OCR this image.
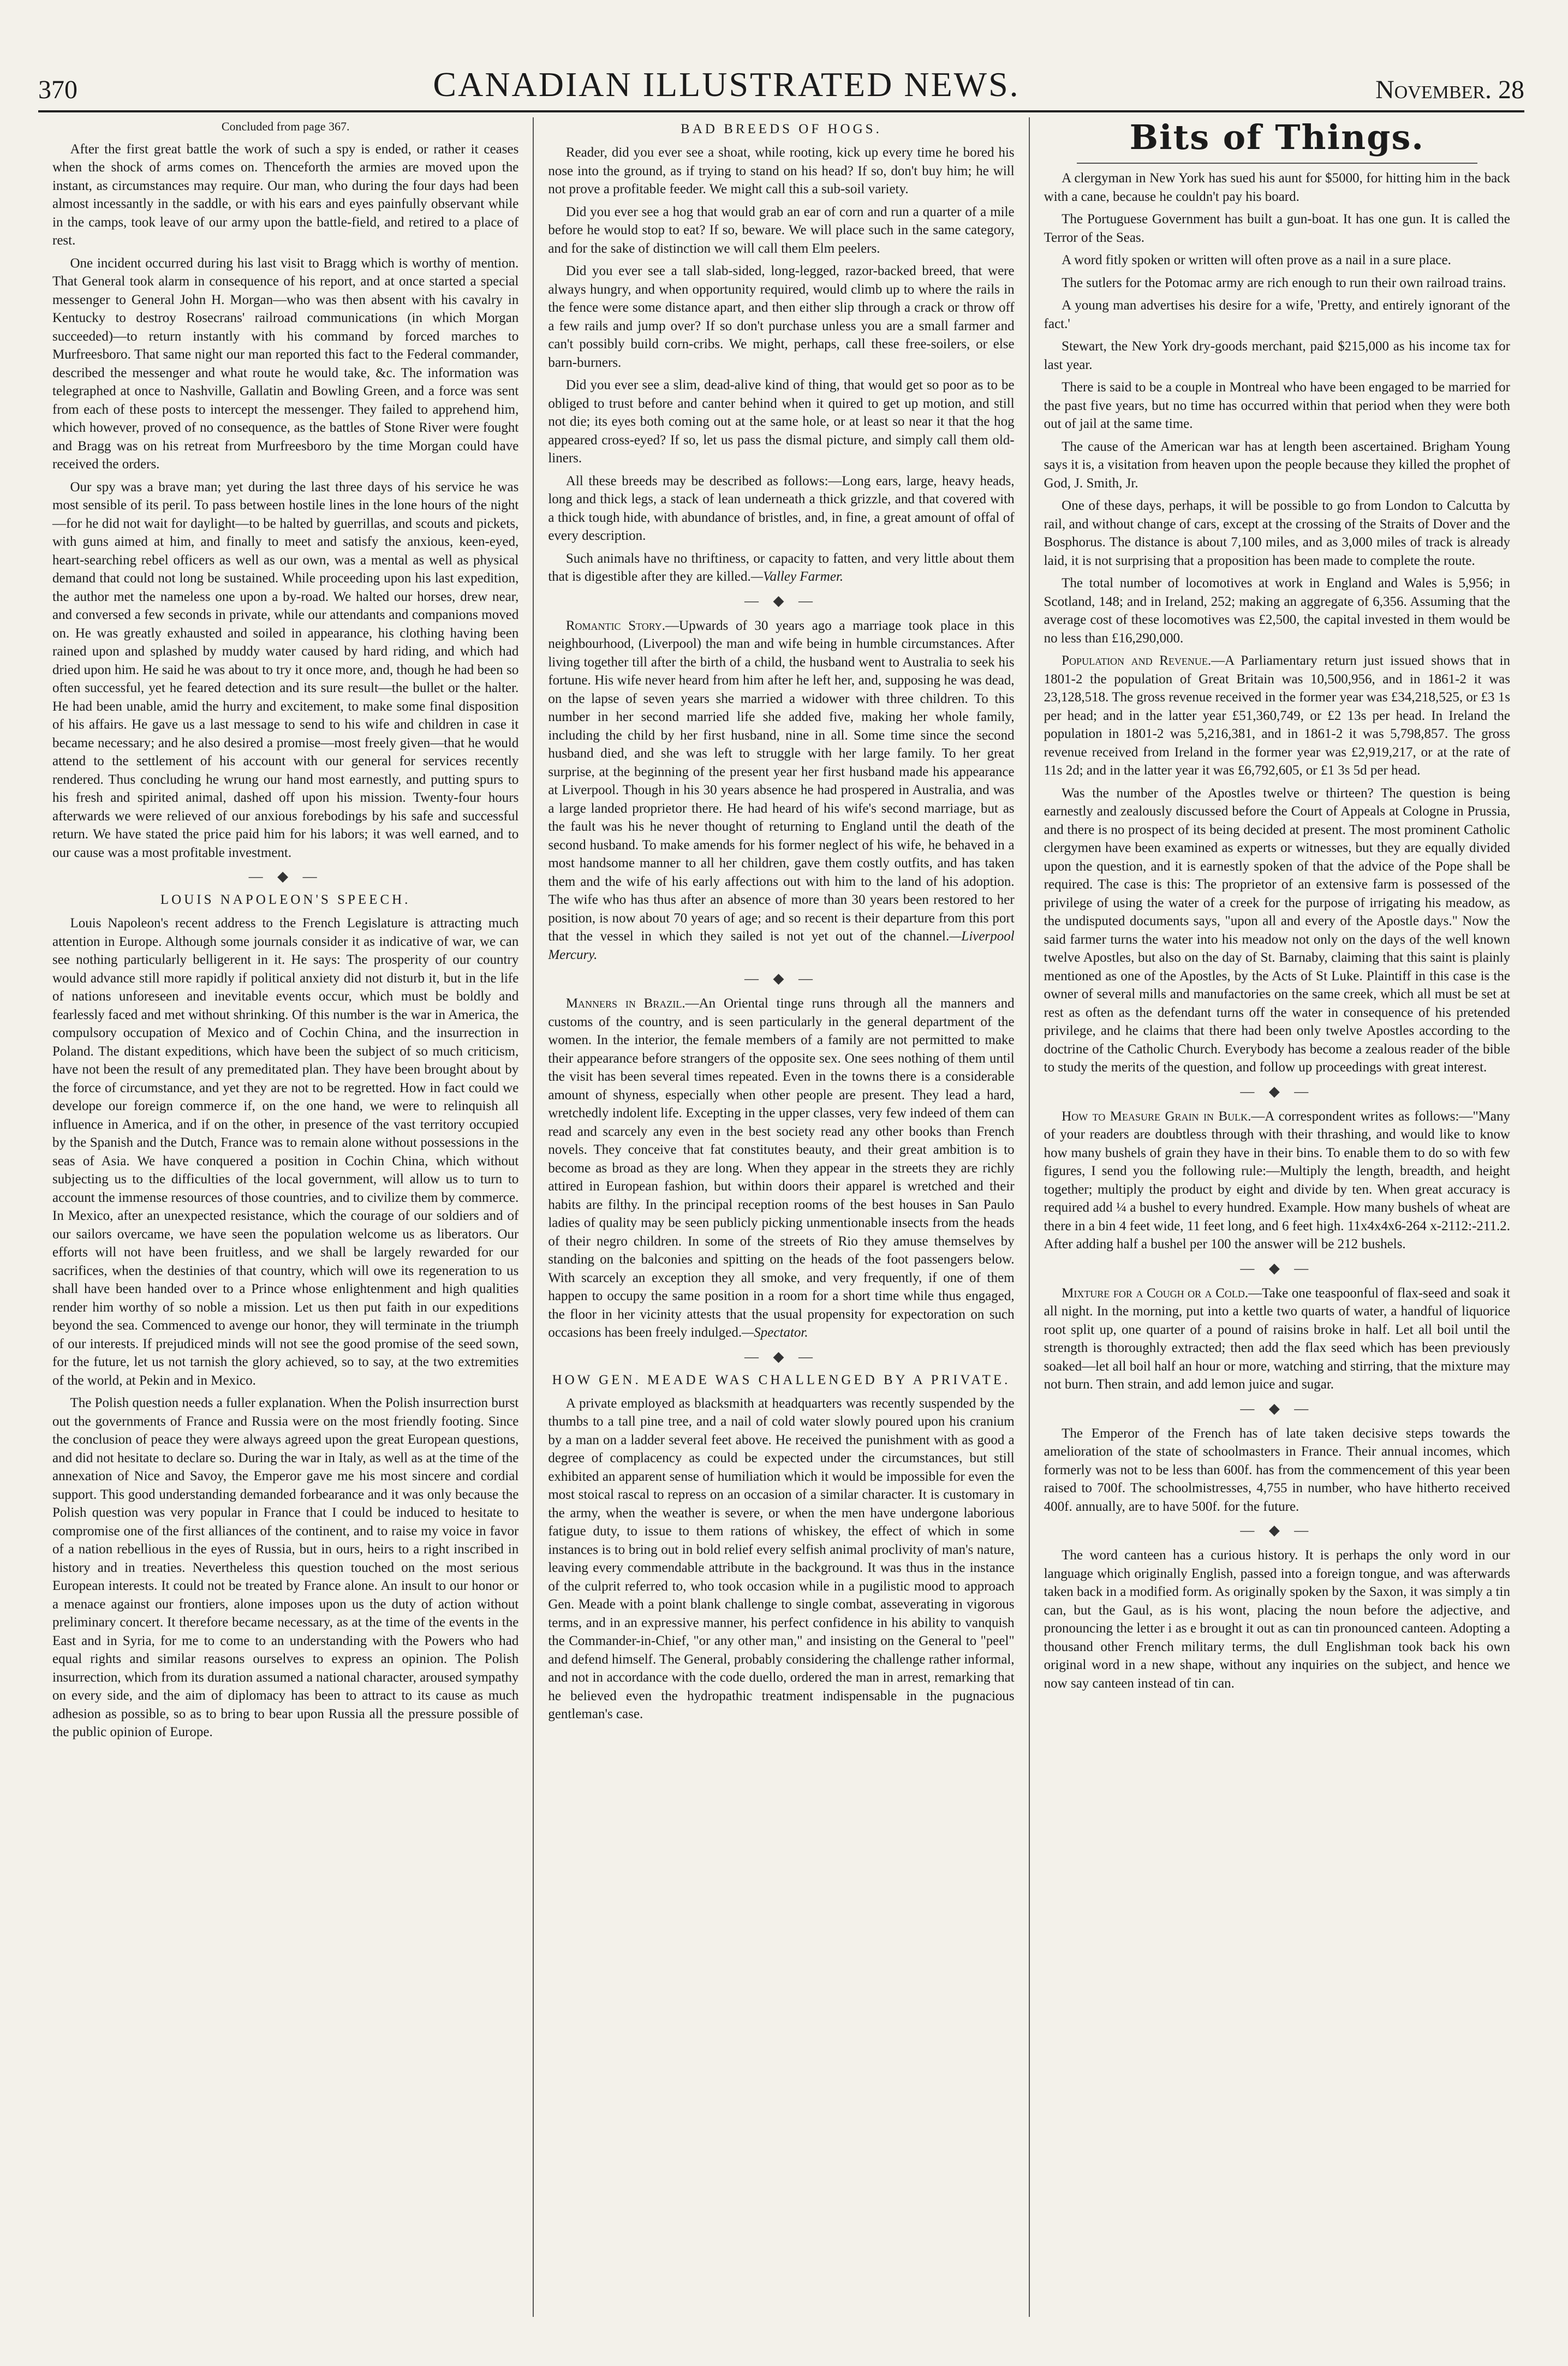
370	CANADIAN ILLUSTRATED NEWS.	November. 28

Concluded from page 367.

After the first great battle the work of such a spy is ended, or rather it ceases when the shock of arms comes on. Thenceforth the armies are moved upon the instant, as circumstances may require. Our man, who during the four days had been almost incessantly in the saddle, or with his ears and eyes painfully observant while in the camps, took leave of our army upon the battle-field, and retired to a place of rest.

One incident occurred during his last visit to Bragg which is worthy of mention. That General took alarm in consequence of his report, and at once started a special messenger to General John H. Morgan—who was then absent with his cavalry in Kentucky to destroy Rosecrans' railroad communications (in which Morgan succeeded)—to return instantly with his command by forced marches to Murfreesboro. That same night our man reported this fact to the Federal commander, described the messenger and what route he would take, &c. The information was telegraphed at once to Nashville, Gallatin and Bowling Green, and a force was sent from each of these posts to intercept the messenger. They failed to apprehend him, which however, proved of no consequence, as the battles of Stone River were fought and Bragg was on his retreat from Murfreesboro by the time Morgan could have received the orders.

Our spy was a brave man; yet during the last three days of his service he was most sensible of its peril. To pass between hostile lines in the lone hours of the night—for he did not wait for daylight—to be halted by guerrillas, and scouts and pickets, with guns aimed at him, and finally to meet and satisfy the anxious, keen-eyed, heart-searching rebel officers as well as our own, was a mental as well as physical demand that could not long be sustained. While proceeding upon his last expedition, the author met the nameless one upon a by-road. We halted our horses, drew near, and conversed a few seconds in private, while our attendants and companions moved on. He was greatly exhausted and soiled in appearance, his clothing having been rained upon and splashed by muddy water caused by hard riding, and which had dried upon him. He said he was about to try it once more, and, though he had been so often successful, yet he feared detection and its sure result—the bullet or the halter. He had been unable, amid the hurry and excitement, to make some final disposition of his affairs. He gave us a last message to send to his wife and children in case it became necessary; and he also desired a promise—most freely given—that he would attend to the settlement of his account with our general for services recently rendered. Thus concluding he wrung our hand most earnestly, and putting spurs to his fresh and spirited animal, dashed off upon his mission. Twenty-four hours afterwards we were relieved of our anxious forebodings by his safe and successful return. We have stated the price paid him for his labors; it was well earned, and to our cause was a most profitable investment.

— ◆ —
LOUIS NAPOLEON'S SPEECH.

Louis Napoleon's recent address to the French Legislature is attracting much attention in Europe. Although some journals consider it as indicative of war, we can see nothing particularly belligerent in it. He says: The prosperity of our country would advance still more rapidly if political anxiety did not disturb it, but in the life of nations unforeseen and inevitable events occur, which must be boldly and fearlessly faced and met without shrinking. Of this number is the war in America, the compulsory occupation of Mexico and of Cochin China, and the insurrection in Poland. The distant expeditions, which have been the subject of so much criticism, have not been the result of any premeditated plan. They have been brought about by the force of circumstance, and yet they are not to be regretted. How in fact could we develope our foreign commerce if, on the one hand, we were to relinquish all influence in America, and if on the other, in presence of the vast territory occupied by the Spanish and the Dutch, France was to remain alone without possessions in the seas of Asia. We have conquered a position in Cochin China, which without subjecting us to the difficulties of the local government, will allow us to turn to account the immense resources of those countries, and to civilize them by commerce. In Mexico, after an unexpected resistance, which the courage of our soldiers and of our sailors overcame, we have seen the population welcome us as liberators. Our efforts will not have been fruitless, and we shall be largely rewarded for our sacrifices, when the destinies of that country, which will owe its regeneration to us shall have been handed over to a Prince whose enlightenment and high qualities render him worthy of so noble a mission. Let us then put faith in our expeditions beyond the sea. Commenced to avenge our honor, they will terminate in the triumph of our interests. If prejudiced minds will not see the good promise of the seed sown, for the future, let us not tarnish the glory achieved, so to say, at the two extremities of the world, at Pekin and in Mexico.

The Polish question needs a fuller explanation. When the Polish insurrection burst out the governments of France and Russia were on the most friendly footing. Since the conclusion of peace they were always agreed upon the great European questions, and did not hesitate to declare so. During the war in Italy, as well as at the time of the annexation of Nice and Savoy, the Emperor gave me his most sincere and cordial support. This good understanding demanded forbearance and it was only because the Polish question was very popular in France that I could be induced to hesitate to compromise one of the first alliances of the continent, and to raise my voice in favor of a nation rebellious in the eyes of Russia, but in ours, heirs to a right inscribed in history and in treaties. Nevertheless this question touched on the most serious European interests. It could not be treated by France alone. An insult to our honor or a menace against our frontiers, alone imposes upon us the duty of action without preliminary concert. It therefore became necessary, as at the time of the events in the East and in Syria, for me to come to an understanding with the Powers who had equal rights and similar reasons ourselves to express an opinion. The Polish insurrection, which from its duration assumed a national character, aroused sympathy on every side, and the aim of diplomacy has been to attract to its cause as much adhesion as possible, so as to bring to bear upon Russia all the pressure possible of the public opinion of Europe.

BAD BREEDS OF HOGS.

Reader, did you ever see a shoat, while rooting, kick up every time he bored his nose into the ground, as if trying to stand on his head? If so, don't buy him; he will not prove a profitable feeder. We might call this a sub-soil variety.

Did you ever see a hog that would grab an ear of corn and run a quarter of a mile before he would stop to eat? If so, beware. We will place such in the same category, and for the sake of distinction we will call them Elm peelers.

Did you ever see a tall slab-sided, long-legged, razor-backed breed, that were always hungry, and when opportunity required, would climb up to where the rails in the fence were some distance apart, and then either slip through a crack or throw off a few rails and jump over? If so don't purchase unless you are a small farmer and can't possibly build corn-cribs. We might, perhaps, call these free-soilers, or else barn-burners.

Did you ever see a slim, dead-alive kind of thing, that would get so poor as to be obliged to trust before and canter behind when it quired to get up motion, and still not die; its eyes both coming out at the same hole, or at least so near it that the hog appeared cross-eyed? If so, let us pass the dismal picture, and simply call them old-liners.

All these breeds may be described as follows:—Long ears, large, heavy heads, long and thick legs, a stack of lean underneath a thick grizzle, and that covered with a thick tough hide, with abundance of bristles, and, in fine, a great amount of offal of every description.

Such animals have no thriftiness, or capacity to fatten, and very little about them that is digestible after they are killed.—Valley Farmer.

— ◆ —

Romantic Story.—Upwards of 30 years ago a marriage took place in this neighbourhood, (Liverpool) the man and wife being in humble circumstances. After living together till after the birth of a child, the husband went to Australia to seek his fortune. His wife never heard from him after he left her, and, supposing he was dead, on the lapse of seven years she married a widower with three children. To this number in her second married life she added five, making her whole family, including the child by her first husband, nine in all. Some time since the second husband died, and she was left to struggle with her large family. To her great surprise, at the beginning of the present year her first husband made his appearance at Liverpool. Though in his 30 years absence he had prospered in Australia, and was a large landed proprietor there. He had heard of his wife's second marriage, but as the fault was his he never thought of returning to England until the death of the second husband. To make amends for his former neglect of his wife, he behaved in a most handsome manner to all her children, gave them costly outfits, and has taken them and the wife of his early affections out with him to the land of his adoption. The wife who has thus after an absence of more than 30 years been restored to her position, is now about 70 years of age; and so recent is their departure from this port that the vessel in which they sailed is not yet out of the channel.—Liverpool Mercury.

— ◆ —

Manners in Brazil.—An Oriental tinge runs through all the manners and customs of the country, and is seen particularly in the general department of the women. In the interior, the female members of a family are not permitted to make their appearance before strangers of the opposite sex. One sees nothing of them until the visit has been several times repeated. Even in the towns there is a considerable amount of shyness, especially when other people are present. They lead a hard, wretchedly indolent life. Excepting in the upper classes, very few indeed of them can read and scarcely any even in the best society read any other books than French novels. They conceive that fat constitutes beauty, and their great ambition is to become as broad as they are long. When they appear in the streets they are richly attired in European fashion, but within doors their apparel is wretched and their habits are filthy. In the principal reception rooms of the best houses in San Paulo ladies of quality may be seen publicly picking unmentionable insects from the heads of their negro children. In some of the streets of Rio they amuse themselves by standing on the balconies and spitting on the heads of the foot passengers below. With scarcely an exception they all smoke, and very frequently, if one of them happen to occupy the same position in a room for a short time while thus engaged, the floor in her vicinity attests that the usual propensity for expectoration on such occasions has been freely indulged.—Spectator.

— ◆ —
HOW GEN. MEADE WAS CHALLENGED BY A PRIVATE.

A private employed as blacksmith at headquarters was recently suspended by the thumbs to a tall pine tree, and a nail of cold water slowly poured upon his cranium by a man on a ladder several feet above. He received the punishment with as good a degree of complacency as could be expected under the circumstances, but still exhibited an apparent sense of humiliation which it would be impossible for even the most stoical rascal to repress on an occasion of a similar character. It is customary in the army, when the weather is severe, or when the men have undergone laborious fatigue duty, to issue to them rations of whiskey, the effect of which in some instances is to bring out in bold relief every selfish animal proclivity of man's nature, leaving every commendable attribute in the background. It was thus in the instance of the culprit referred to, who took occasion while in a pugilistic mood to approach Gen. Meade with a point blank challenge to single combat, asseverating in vigorous terms, and in an expressive manner, his perfect confidence in his ability to vanquish the Commander-in-Chief, "or any other man," and insisting on the General to "peel" and defend himself. The General, probably considering the challenge rather informal, and not in accordance with the code duello, ordered the man in arrest, remarking that he believed even the hydropathic treatment indispensable in the pugnacious gentleman's case.

Bits of Things.

A clergyman in New York has sued his aunt for $5000, for hitting him in the back with a cane, because he couldn't pay his board.

The Portuguese Government has built a gun-boat. It has one gun. It is called the Terror of the Seas.

A word fitly spoken or written will often prove as a nail in a sure place.

The sutlers for the Potomac army are rich enough to run their own railroad trains.

A young man advertises his desire for a wife, 'Pretty, and entirely ignorant of the fact.'

Stewart, the New York dry-goods merchant, paid $215,000 as his income tax for last year.

There is said to be a couple in Montreal who have been engaged to be married for the past five years, but no time has occurred within that period when they were both out of jail at the same time.

The cause of the American war has at length been ascertained. Brigham Young says it is, a visitation from heaven upon the people because they killed the prophet of God, J. Smith, Jr.

One of these days, perhaps, it will be possible to go from London to Calcutta by rail, and without change of cars, except at the crossing of the Straits of Dover and the Bosphorus. The distance is about 7,100 miles, and as 3,000 miles of track is already laid, it is not surprising that a proposition has been made to complete the route.

The total number of locomotives at work in England and Wales is 5,956; in Scotland, 148; and in Ireland, 252; making an aggregate of 6,356. Assuming that the average cost of these locomotives was £2,500, the capital invested in them would be no less than £16,290,000.

Population and Revenue.—A Parliamentary return just issued shows that in 1801-2 the population of Great Britain was 10,500,956, and in 1861-2 it was 23,128,518. The gross revenue received in the former year was £34,218,525, or £3 1s per head; and in the latter year £51,360,749, or £2 13s per head. In Ireland the population in 1801-2 was 5,216,381, and in 1861-2 it was 5,798,857. The gross revenue received from Ireland in the former year was £2,919,217, or at the rate of 11s 2d; and in the latter year it was £6,792,605, or £1 3s 5d per head.

Was the number of the Apostles twelve or thirteen? The question is being earnestly and zealously discussed before the Court of Appeals at Cologne in Prussia, and there is no prospect of its being decided at present. The most prominent Catholic clergymen have been examined as experts or witnesses, but they are equally divided upon the question, and it is earnestly spoken of that the advice of the Pope shall be required. The case is this: The proprietor of an extensive farm is possessed of the privilege of using the water of a creek for the purpose of irrigating his meadow, as the undisputed documents says, "upon all and every of the Apostle days." Now the said farmer turns the water into his meadow not only on the days of the well known twelve Apostles, but also on the day of St. Barnaby, claiming that this saint is plainly mentioned as one of the Apostles, by the Acts of St Luke. Plaintiff in this case is the owner of several mills and manufactories on the same creek, which all must be set at rest as often as the defendant turns off the water in consequence of his pretended privilege, and he claims that there had been only twelve Apostles according to the doctrine of the Catholic Church. Everybody has become a zealous reader of the bible to study the merits of the question, and follow up proceedings with great interest.

— ◆ —

How to Measure Grain in Bulk.—A correspondent writes as follows:—"Many of your readers are doubtless through with their thrashing, and would like to know how many bushels of grain they have in their bins. To enable them to do so with few figures, I send you the following rule:—Multiply the length, breadth, and height together; multiply the product by eight and divide by ten. When great accuracy is required add ¼ a bushel to every hundred. Example. How many bushels of wheat are there in a bin 4 feet wide, 11 feet long, and 6 feet high. 11x4x4x6-264 x-2112:-211.2. After adding half a bushel per 100 the answer will be 212 bushels.

— ◆ —

Mixture for a Cough or a Cold.—Take one teaspoonful of flax-seed and soak it all night. In the morning, put into a kettle two quarts of water, a handful of liquorice root split up, one quarter of a pound of raisins broke in half. Let all boil until the strength is thoroughly extracted; then add the flax seed which has been previously soaked—let all boil half an hour or more, watching and stirring, that the mixture may not burn. Then strain, and add lemon juice and sugar.

— ◆ —

The Emperor of the French has of late taken decisive steps towards the amelioration of the state of schoolmasters in France. Their annual incomes, which formerly was not to be less than 600f. has from the commencement of this year been raised to 700f. The schoolmistresses, 4,755 in number, who have hitherto received 400f. annually, are to have 500f. for the future.

— ◆ —

The word canteen has a curious history. It is perhaps the only word in our language which originally English, passed into a foreign tongue, and was afterwards taken back in a modified form. As originally spoken by the Saxon, it was simply a tin can, but the Gaul, as is his wont, placing the noun before the adjective, and pronouncing the letter i as e brought it out as can tin pronounced canteen. Adopting a thousand other French military terms, the dull Englishman took back his own original word in a new shape, without any inquiries on the subject, and hence we now say canteen instead of tin can.
